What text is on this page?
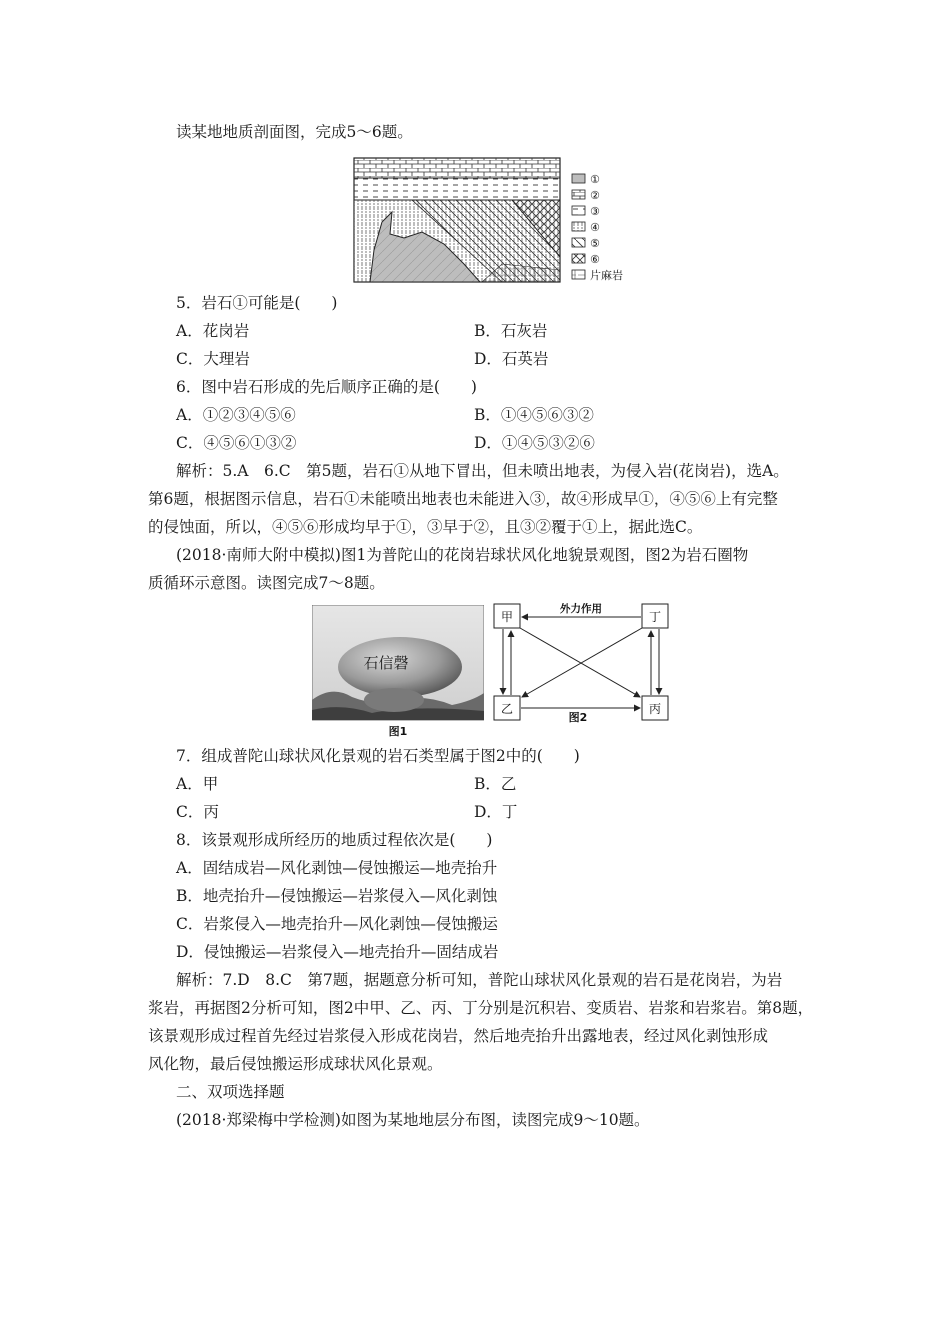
读某地地质剖面图，完成5～6题。
①
②
③
④
⑤
⑥
片麻岩
5．岩石①可能是(　　)
A．花岗岩	B．石灰岩
C．大理岩	D．石英岩
6．图中岩石形成的先后顺序正确的是(　　)
A．①②③④⑤⑥	B．①④⑤⑥③②
C．④⑤⑥①③②	D．①④⑤③②⑥
解析：5.A　6.C　第5题，岩石①从地下冒出，但未喷出地表，为侵入岩(花岗岩)，选A。
第6题，根据图示信息，岩石①未能喷出地表也未能进入③，故④形成早①，④⑤⑥上有完整
的侵蚀面，所以，④⑤⑥形成均早于①，③早于②，且③②覆于①上，据此选C。
(2018·南师大附中模拟)图1为普陀山的花岗岩球状风化地貌景观图，图2为岩石圈物
质循环示意图。读图完成7～8题。
石信磬
图1
甲	丁
乙	丙
外力作用
图2
7．组成普陀山球状风化景观的岩石类型属于图2中的(　　)
A．甲	B．乙
C．丙	D．丁
8．该景观形成所经历的地质过程依次是(　　)
A．固结成岩—风化剥蚀—侵蚀搬运—地壳抬升
B．地壳抬升—侵蚀搬运—岩浆侵入—风化剥蚀
C．岩浆侵入—地壳抬升—风化剥蚀—侵蚀搬运
D．侵蚀搬运—岩浆侵入—地壳抬升—固结成岩
解析：7.D　8.C　第7题，据题意分析可知，普陀山球状风化景观的岩石是花岗岩，为岩
浆岩，再据图2分析可知，图2中甲、乙、丙、丁分别是沉积岩、变质岩、岩浆和岩浆岩。第8题，
该景观形成过程首先经过岩浆侵入形成花岗岩，然后地壳抬升出露地表，经过风化剥蚀形成
风化物，最后侵蚀搬运形成球状风化景观。
二、双项选择题
(2018·郑梁梅中学检测)如图为某地地层分布图，读图完成9～10题。
